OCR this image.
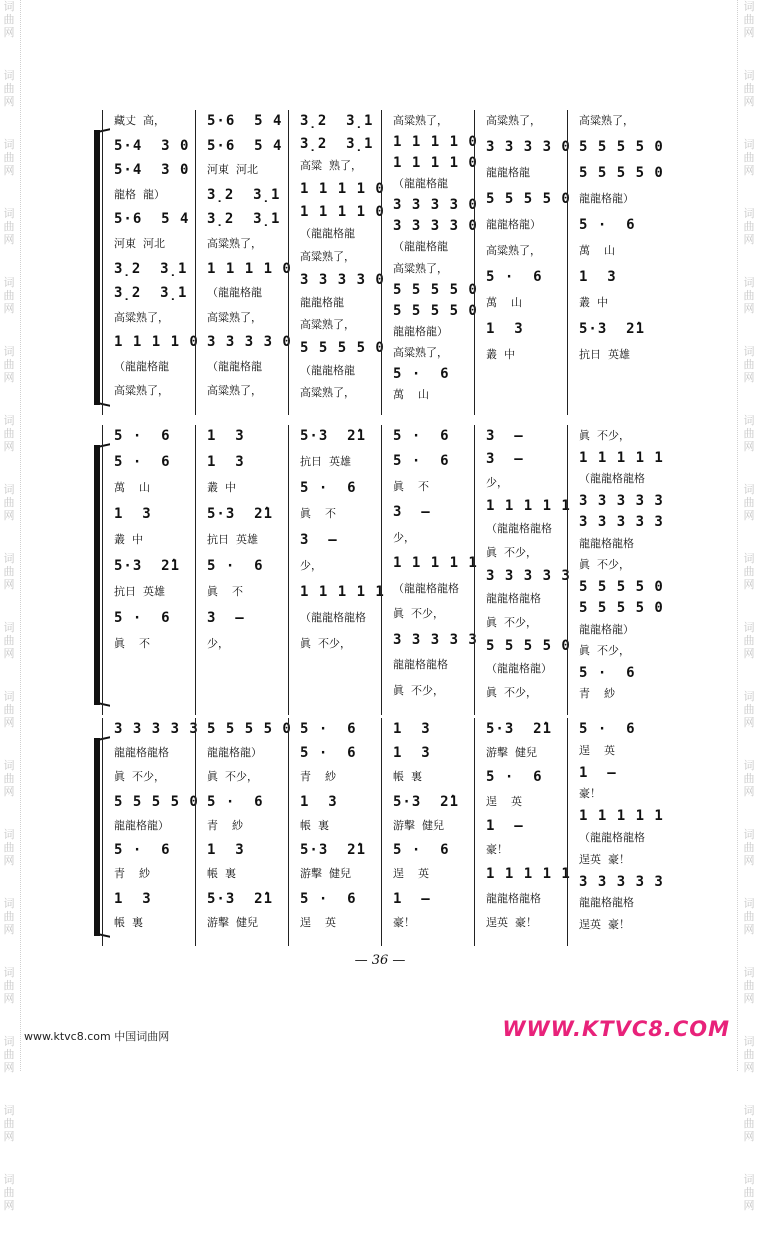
词
曲
网
词
曲
网
词
曲
网
词
曲
网
词
曲
网
词
曲
网
词
曲
网
词
曲
网
词
曲
网
词
曲
网
词
曲
网
词
曲
网
词
曲
网
词
曲
网
词
曲
网
词
曲
网
词
曲
网
词
曲
网
词
曲
网
词
曲
网
词
曲
网
词
曲
网
词
曲
网
词
曲
网
词
曲
网
词
曲
网
词
曲
网
词
曲
网
词
曲
网
词
曲
网
词
曲
网
词
曲
网
词
曲
网
词
曲
网
词
曲
网
词
曲
网
藏丈  高，
5·4  3 0
5·4  3 0
龍格  龍）
5·6  5 4
河東  河北
3̣2  3̣1
3̣2  3̣1
高粱熟了，
1 1 1 1 0
（龍龍格龍
高粱熟了，
5·6  5 4
5·6  5 4
河東  河北
3̣2  3̣1
3̣2  3̣1
高粱熟了，
1 1 1 1 0
（龍龍格龍
高粱熟了，
3 3 3 3 0
（龍龍格龍
高粱熟了，
3̣2  3̣1
3̣2  3̣1
高粱  熟了，
1 1 1 1 0
1 1 1 1 0
（龍龍格龍
高粱熟了，
3 3 3 3 0
龍龍格龍
高粱熟了，
5 5 5 5 0
（龍龍格龍
高粱熟了，
高粱熟了，
1 1 1 1 0
1 1 1 1 0
（龍龍格龍
3 3 3 3 0
3 3 3 3 0
（龍龍格龍
高粱熟了，
5 5 5 5 0
5 5 5 5 0
龍龍格龍）
高粱熟了，
5 ·  6
萬    山
高粱熟了，
3 3 3 3 0
龍龍格龍
5 5 5 5 0
龍龍格龍）
高粱熟了，
5 ·  6
萬    山
1  3
叢  中
高粱熟了，
5 5 5 5 0
5 5 5 5 0
龍龍格龍）
5 ·  6
萬    山
1  3
叢  中
5·3  2̇1
抗日  英雄
5 ·  6
5 ·  6
萬    山
1  3
叢  中
5·3  2̇1
抗日  英雄
5 ·  6
眞    不
1  3
1  3
叢  中
5·3  2̇1
抗日  英雄
5 ·  6
眞    不
3  —
少，
5·3  2̇1
抗日  英雄
5 ·  6
眞    不
3  —
少，
1 1 1 1 1
（龍龍格龍格
眞  不少，
5 ·  6
5 ·  6
眞    不
3  —
少，
1 1 1 1 1
（龍龍格龍格
眞  不少，
3 3 3 3 3
龍龍格龍格
眞  不少，
3  —
3  —
少，
1 1 1 1 1
（龍龍格龍格
眞  不少，
3 3 3 3 3
龍龍格龍格
眞  不少，
5 5 5 5 0
（龍龍格龍）
眞  不少，
眞  不少，
1 1 1 1 1
（龍龍格龍格
3 3 3 3 3
3 3 3 3 3
龍龍格龍格
眞  不少，
5 5 5 5 0
5 5 5 5 0
龍龍格龍）
眞  不少，
5 ·  6
青    紗
3 3 3 3 3
龍龍格龍格
眞  不少，
5 5 5 5 0
龍龍格龍）
5 ·  6
青    紗
1  3
帳  裏
5 5 5 5 0
龍龍格龍）
眞  不少，
5 ·  6
青    紗
1  3
帳  裏
5·3  2̇1
游擊  健兒
5 ·  6
5 ·  6
青    紗
1  3
帳  裏
5·3  2̇1
游擊  健兒
5 ·  6
逞    英
1  3
1  3
帳  裏
5·3  2̇1
游擊  健兒
5 ·  6
逞    英
1  —
豪！
5·3  2̇1
游擊  健兒
5 ·  6
逞    英
1  —
豪！
1 1 1 1 1
龍龍格龍格
逞英  豪！
5 ·  6
逞    英
1  —
豪！
1 1 1 1 1
（龍龍格龍格
逞英  豪！
3 3 3 3 3
龍龍格龍格
逞英  豪！
— 36 —
www.ktvc8.com 中国词曲网	WWW.KTVC8.COM
